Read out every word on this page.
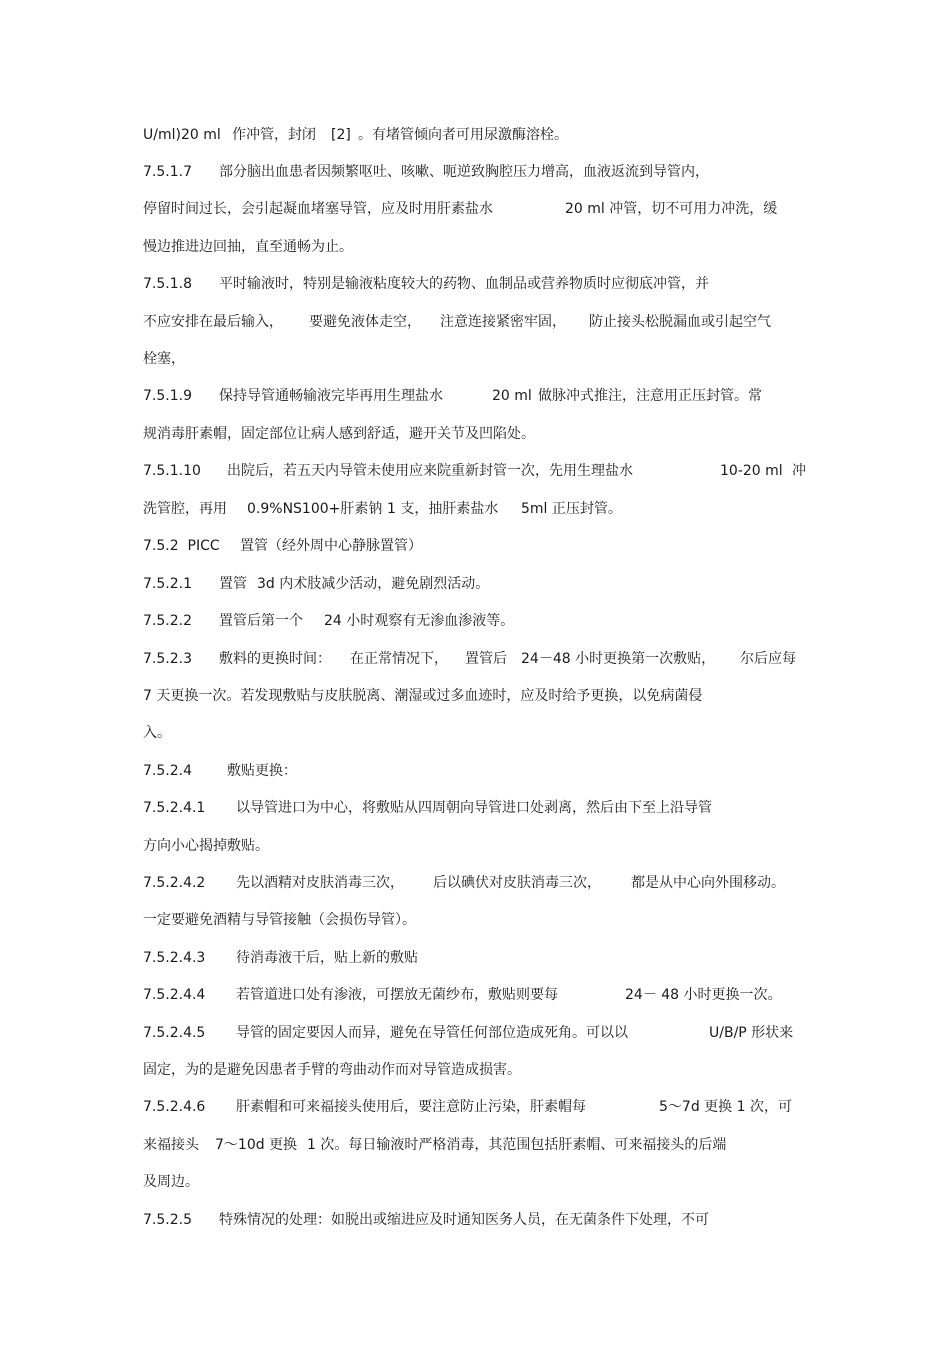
U/ml)20 ml

作冲管，封闭

[2]

。有堵管倾向者可用尿激酶溶栓。

7.5.1.7

部分脑出血患者因频繁呕吐、咳嗽、呃逆致胸腔压力增高，血液返流到导管内，

停留时间过长，会引起凝血堵塞导管，应及时用肝素盐水

	20 ml 冲管，切不可用力冲洗，缓

慢边推进边回抽，直至通畅为止。

7.5.1.8

平时输液时，特别是输液粘度较大的药物、血制品或营养物质时应彻底冲管，并

不应安排在最后输入，

要避免液体走空，

注意连接紧密牢固，

防止接头松脱漏血或引起空气

栓塞，

7.5.1.9

保持导管通畅输液完毕再用生理盐水

	20 ml

做脉冲式推注，注意用正压封管。常

规消毒肝素帽，固定部位让病人感到舒适，避开关节及凹陷处。

7.5.1.10

出院后，若五天内导管未使用应来院重新封管一次，先用生理盐水

	10-20 ml

冲

洗管腔，再用

0.9%NS100+肝素钠

1 支，抽肝素盐水

5ml 正压封管。

7.5.2  PICC

置管（经外周中心静脉置管）

7.5.2.1

置管

3d 内术肢减少活动，避免剧烈活动。

7.5.2.2

置管后第一个

24 小时观察有无渗血渗液等。

7.5.2.3

敷料的更换时间：

在正常情况下，

置管后

24－48 小时更换第一次敷贴，

尔后应每

7 天更换一次。若发现敷贴与皮肤脱离、潮湿或过多血迹时，应及时给予更换，以免病菌侵

入。

7.5.2.4

	敷贴更换：

7.5.2.4.1

以导管进口为中心，将敷贴从四周朝向导管进口处剥离，然后由下至上沿导管

方向小心揭掉敷贴。

7.5.2.4.2

先以酒精对皮肤消毒三次，

后以碘伏对皮肤消毒三次，

都是从中心向外围移动。

一定要避免酒精与导管接触（会损伤导管）。

7.5.2.4.3

待消毒液干后，贴上新的敷贴

7.5.2.4.4

若管道进口处有渗液，可摆放无菌纱布，敷贴则要每

	24－ 48 小时更换一次。

7.5.2.4.5

导管的固定要因人而异，避免在导管任何部位造成死角。可以以

	U/B/P 形状来

固定，为的是避免因患者手臂的弯曲动作而对导管造成损害。

7.5.2.4.6

肝素帽和可来福接头使用后，要注意防止污染，肝素帽每

	5～7d 更换 1 次，可

来福接头

7～10d 更换

1 次。每日输液时严格消毒，其范围包括肝素帽、可来福接头的后端

及周边。

7.5.2.5

特殊情况的处理：如脱出或缩进应及时通知医务人员，在无菌条件下处理，不可
